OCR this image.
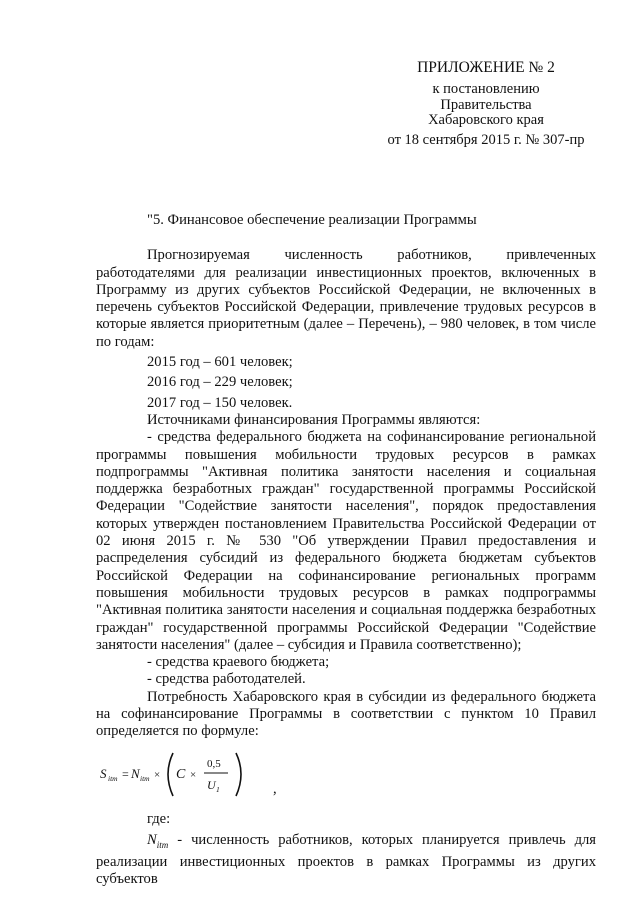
ПРИЛОЖЕНИЕ № 2
к постановлению
Правительства
Хабаровского края
от 18 сентября 2015 г. № 307-пр
"5. Финансовое обеспечение реализации Программы

Прогнозируемая численность работников, привлеченных работодателями для реализации инвестиционных проектов, включенных в Программу из других субъектов Российской Федерации, не включенных в перечень субъектов Российской Федерации, привлечение трудовых ресурсов в которые является приоритетным (далее – Перечень), – 980 человек, в том числе по годам:

2015 год – 601 человек;
2016 год – 229 человек;
2017 год – 150 человек.

Источниками финансирования Программы являются:

- средства федерального бюджета на софинансирование региональной программы повышения мобильности трудовых ресурсов в рамках подпрограммы "Активная политика занятости населения и социальная поддержка безработных граждан" государственной программы Российской Федерации "Содействие занятости населения", порядок предоставления которых утвержден постановлением Правительства Российской Федерации от 02 июня 2015 г. № 530 "Об утверждении Правил предоставления и распределения субсидий из федерального бюджета бюджетам субъектов Российской Федерации на софинансирование региональных программ повышения мобильности трудовых ресурсов в рамках подпрограммы "Активная политика занятости населения и социальная поддержка безработных граждан" государственной программы Российской Федерации "Содействие занятости населения" (далее – субсидия и Правила соответственно);

- средства краевого бюджета;

- средства работодателей.

Потребность Хабаровского края в субсидии из федерального бюджета на софинансирование Программы в соответствии с пунктом 10 Правил определяется по формуле:

S itm = N itm × C ×
0,5
U 1	,
где:

$N_{itm}$ - численность работников, которых планируется привлечь для реализации инвестиционных проектов в рамках Программы из других субъектов
